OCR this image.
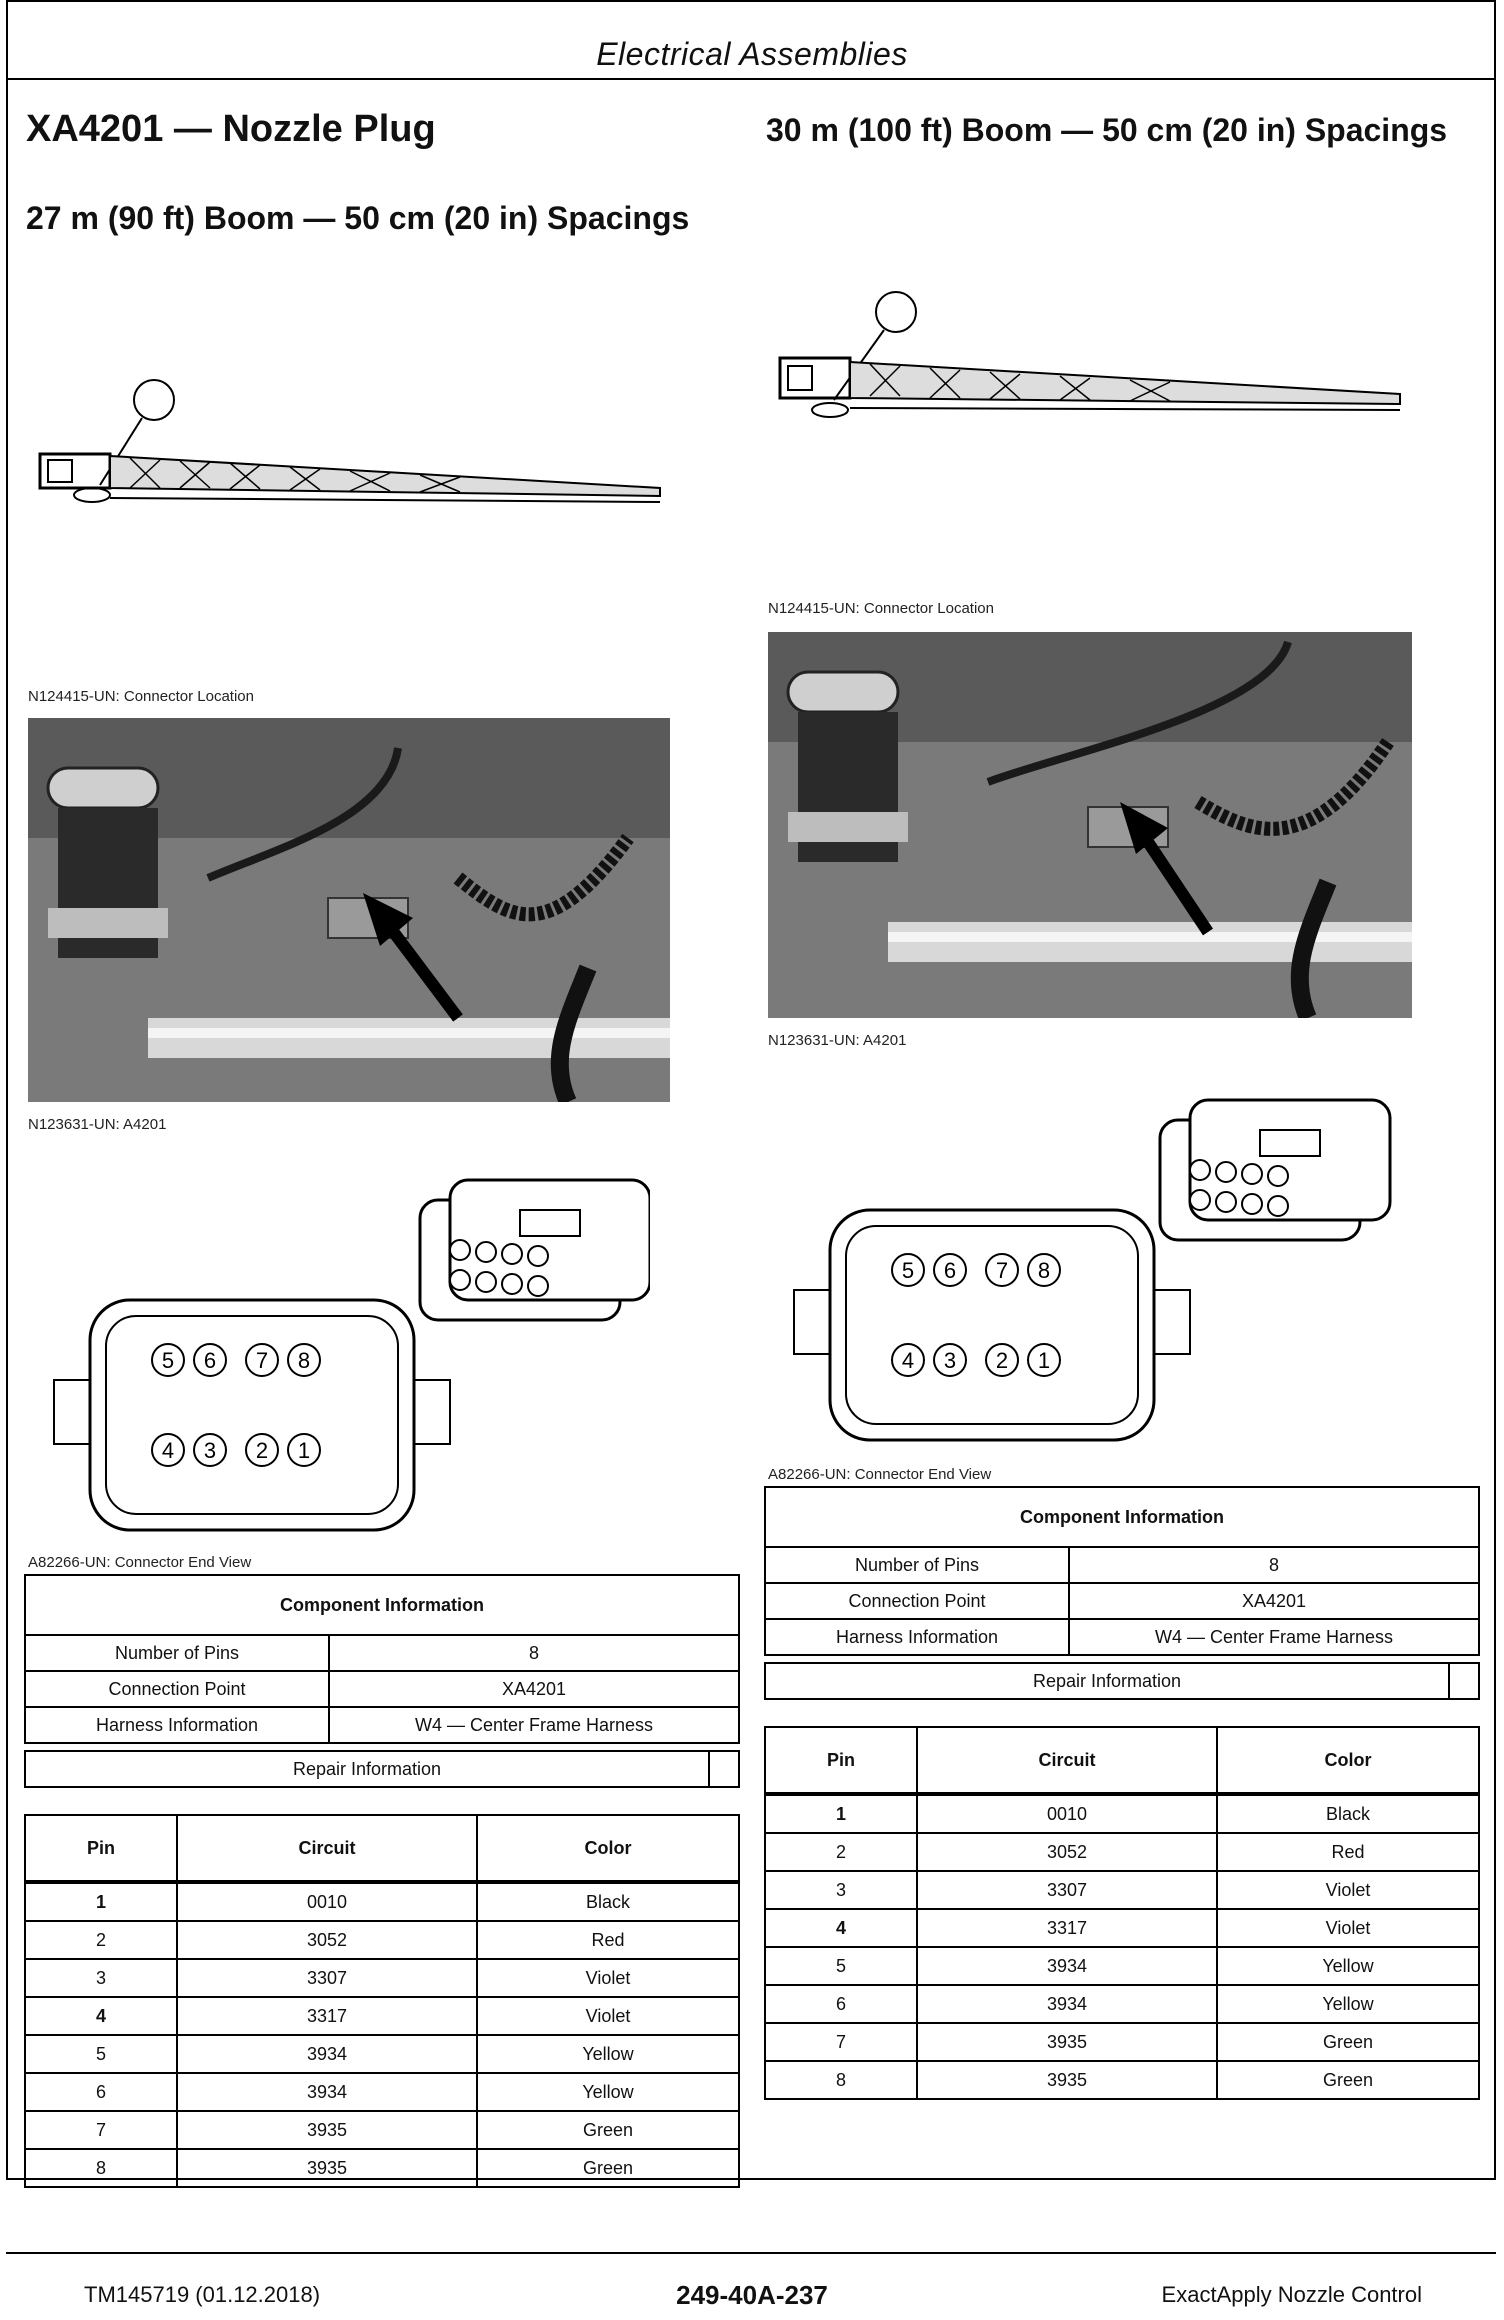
Electrical Assemblies
XA4201 — Nozzle Plug
27 m (90 ft) Boom — 50 cm (20 in) Spacings
N124415-UN: Connector Location
N123631-UN: A4201
5 6 7 8
4 3 2 1
A82266-UN: Connector End View
Component Information	
Number of Pins	8
Connection Point	XA4201
Harness Information	W4 — Center Frame Harness
Repair Information	
Pin	Circuit	Color
1	0010	Black
2	3052	Red
3	3307	Violet
4	3317	Violet
5	3934	Yellow
6	3934	Yellow
7	3935	Green
8	3935	Green
30 m (100 ft) Boom — 50 cm (20 in) Spacings
N124415-UN: Connector Location
N123631-UN: A4201
5 6 7 8
4 3 2 1
A82266-UN: Connector End View
Component Information	
Number of Pins	8
Connection Point	XA4201
Harness Information	W4 — Center Frame Harness
Repair Information	
Pin	Circuit	Color
1	0010	Black
2	3052	Red
3	3307	Violet
4	3317	Violet
5	3934	Yellow
6	3934	Yellow
7	3935	Green
8	3935	Green
TM145719 (01.12.2018)	249-40A-237	ExactApply Nozzle Control
